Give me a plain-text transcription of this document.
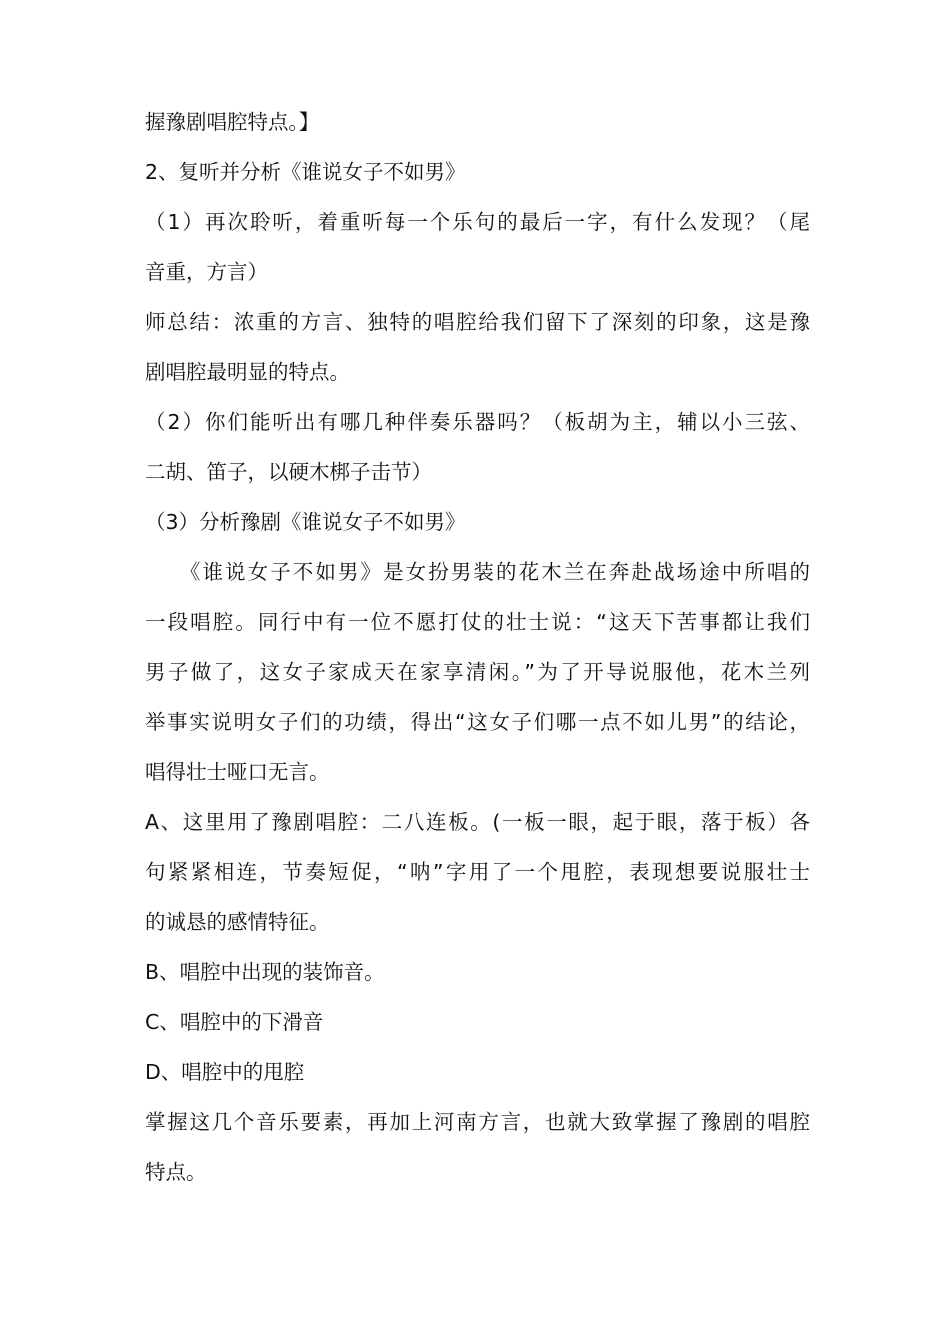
握豫剧唱腔特点。】
2、复听并分析《谁说女子不如男》
（1）再次聆听，着重听每一个乐句的最后一字，有什么发现？（尾
音重，方言）
师总结：浓重的方言、独特的唱腔给我们留下了深刻的印象，这是豫
剧唱腔最明显的特点。
（2）你们能听出有哪几种伴奏乐器吗？（板胡为主，辅以小三弦、
二胡、笛子，以硬木梆子击节）
（3）分析豫剧《谁说女子不如男》
　　《谁说女子不如男》是女扮男装的花木兰在奔赴战场途中所唱的
一段唱腔。同行中有一位不愿打仗的壮士说：“这天下苦事都让我们
男子做了，这女子家成天在家享清闲。”为了开导说服他，花木兰列
举事实说明女子们的功绩，得出“这女子们哪一点不如儿男”的结论，
唱得壮士哑口无言。
A、这里用了豫剧唱腔：二八连板。(一板一眼，起于眼，落于板）各
句紧紧相连，节奏短促，“呐”字用了一个甩腔，表现想要说服壮士
的诚恳的感情特征。
B、唱腔中出现的装饰音。
C、唱腔中的下滑音
D、唱腔中的甩腔
掌握这几个音乐要素，再加上河南方言，也就大致掌握了豫剧的唱腔
特点。
